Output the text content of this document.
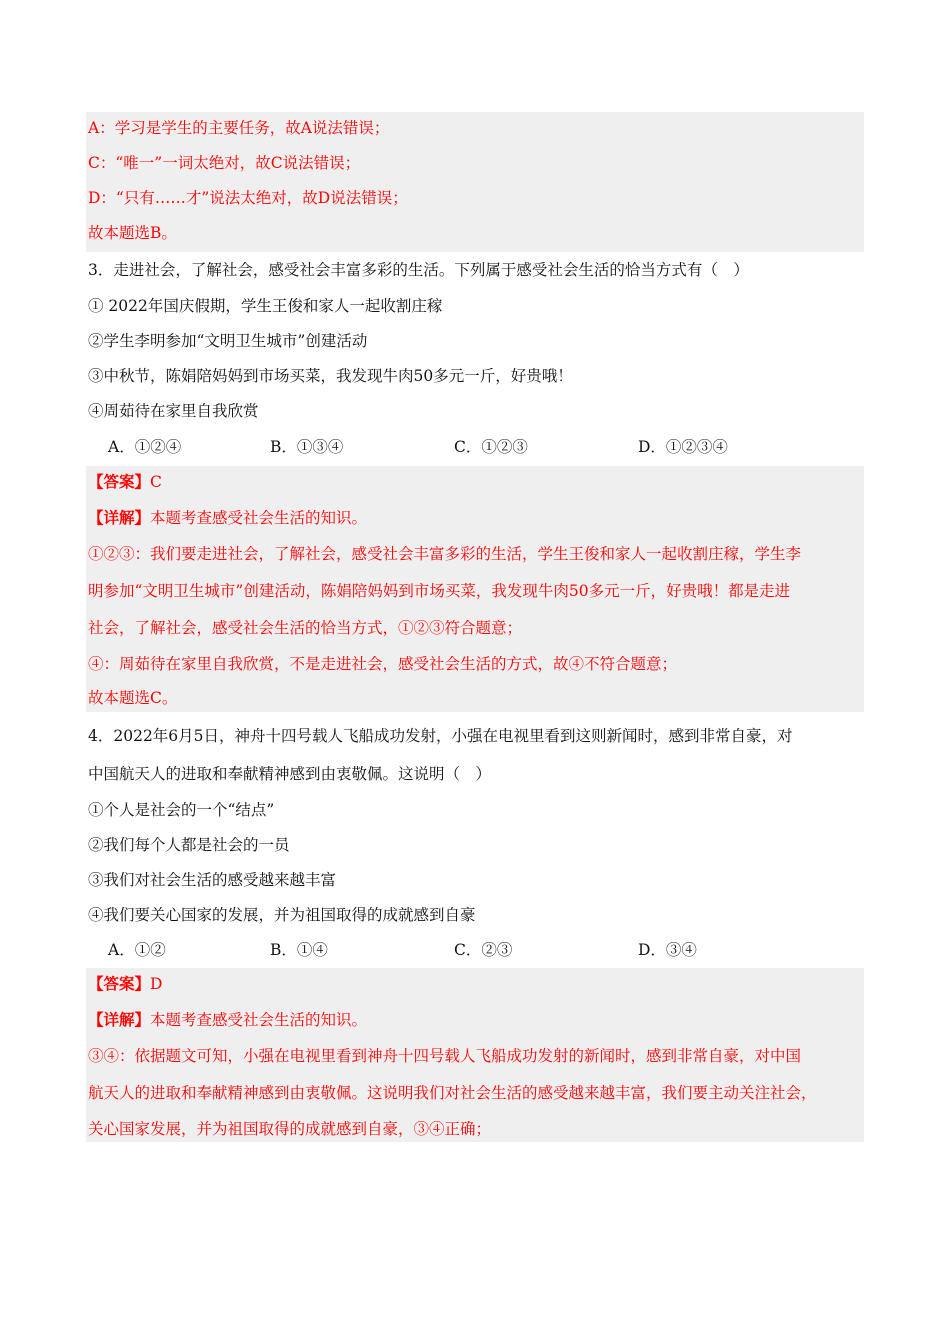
A：学习是学生的主要任务，故A说法错误；
C：“唯一”一词太绝对，故C说法错误；
D：“只有……才”说法太绝对，故D说法错误；
故本题选B。
3．走进社会，了解社会，感受社会丰富多彩的生活。下列属于感受社会生活的恰当方式有（　）
① 2022年国庆假期，学生王俊和家人一起收割庄稼
②学生李明参加“文明卫生城市”创建活动
③中秋节，陈娟陪妈妈到市场买菜，我发现牛肉50多元一斤，好贵哦！
④周茹待在家里自我欣赏
A．①②④	B．①③④	C．①②③	D．①②③④
【答案】C
【详解】本题考查感受社会生活的知识。
①②③：我们要走进社会，了解社会，感受社会丰富多彩的生活，学生王俊和家人一起收割庄稼，学生李
明参加“文明卫生城市”创建活动，陈娟陪妈妈到市场买菜，我发现牛肉50多元一斤，好贵哦！都是走进
社会，了解社会，感受社会生活的恰当方式，①②③符合题意；
④：周茹待在家里自我欣赏，不是走进社会，感受社会生活的方式，故④不符合题意；
故本题选C。
4．2022年6月5日，神舟十四号载人飞船成功发射，小强在电视里看到这则新闻时，感到非常自豪，对
中国航天人的进取和奉献精神感到由衷敬佩。这说明（　）
①个人是社会的一个“结点”
②我们每个人都是社会的一员
③我们对社会生活的感受越来越丰富
④我们要关心国家的发展，并为祖国取得的成就感到自豪
A．①②	B．①④	C．②③	D．③④
【答案】D
【详解】本题考查感受社会生活的知识。
③④：依据题文可知，小强在电视里看到神舟十四号载人飞船成功发射的新闻时，感到非常自豪，对中国
航天人的进取和奉献精神感到由衷敬佩。这说明我们对社会生活的感受越来越丰富，我们要主动关注社会，
关心国家发展，并为祖国取得的成就感到自豪，③④正确；
